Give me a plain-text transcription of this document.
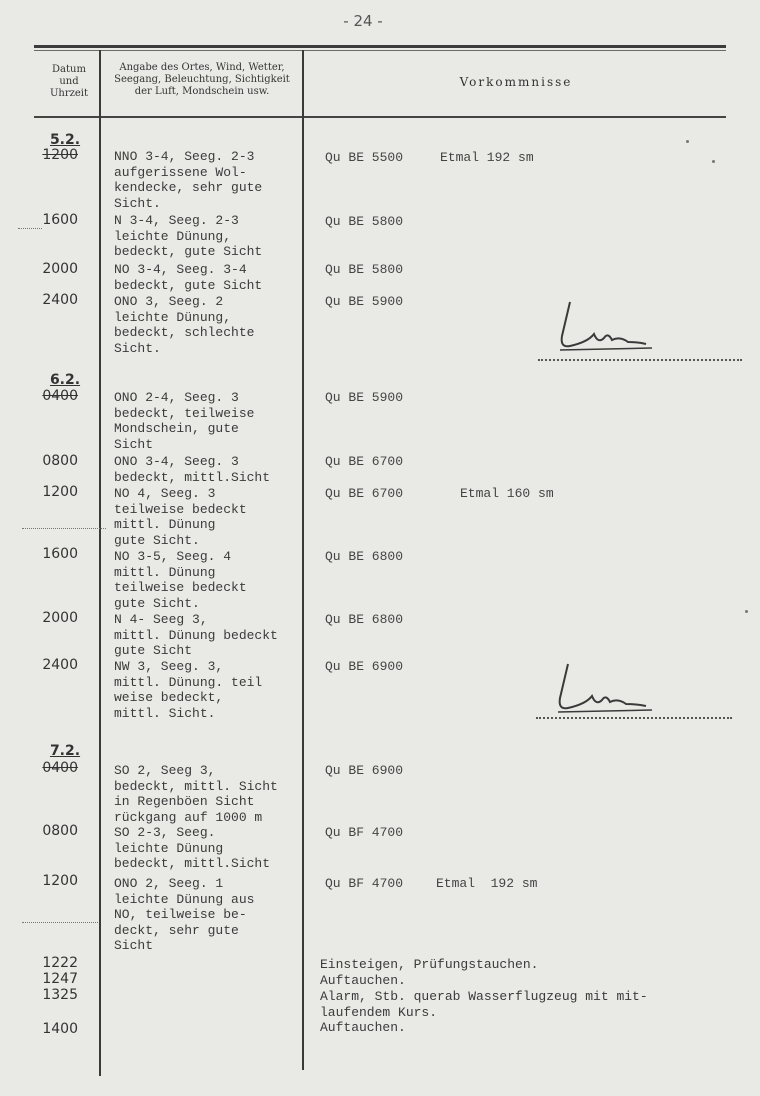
- 24 -
Datum
und
Uhrzeit
Angabe des Ortes, Wind, Wetter,
Seegang, Beleuchtung, Sichtigkeit
der Luft, Mondschein usw.
Vorkommnisse
5.2.
1200	NNO 3-4, Seeg. 2-3
aufgerissene Wol-
kendecke, sehr gute
Sicht.
Qu BE 5500	Etmal 192 sm
1600	N 3-4, Seeg. 2-3
leichte Dünung,
bedeckt, gute Sicht
Qu BE 5800
2000	NO 3-4, Seeg. 3-4
bedeckt, gute Sicht
Qu BE 5800
2400	ONO 3, Seeg. 2
leichte Dünung,
bedeckt, schlechte
Sicht.
Qu BE 5900
6.2.
0400	ONO 2-4, Seeg. 3
bedeckt, teilweise
Mondschein, gute
Sicht
Qu BE 5900
0800	ONO 3-4, Seeg. 3
bedeckt, mittl.Sicht
Qu BE 6700
1200	NO 4, Seeg. 3
teilweise bedeckt
mittl. Dünung
gute Sicht.
Qu BE 6700	Etmal 160 sm
1600	NO 3-5, Seeg. 4
mittl. Dünung
teilweise bedeckt
gute Sicht.
Qu BE 6800
2000	N 4- Seeg 3,
mittl. Dünung bedeckt
gute Sicht
Qu BE 6800
2400	NW 3, Seeg. 3,
mittl. Dünung. teil
weise bedeckt,
mittl. Sicht.
Qu BE 6900
7.2.
0400	SO 2, Seeg 3,
bedeckt, mittl. Sicht
in Regenböen Sicht
rückgang auf 1000 m
Qu BE 6900
0800	SO 2-3, Seeg.
leichte Dünung
bedeckt, mittl.Sicht
Qu BF 4700
1200	ONO 2, Seeg. 1
leichte Dünung aus
NO, teilweise be-
deckt, sehr gute
Sicht
Qu BF 4700	Etmal  192 sm
1222	Einsteigen, Prüfungstauchen.
1247	Auftauchen.
1325	Alarm, Stb. querab Wasserflugzeug mit mit-
laufendem Kurs.
1400	Auftauchen.
